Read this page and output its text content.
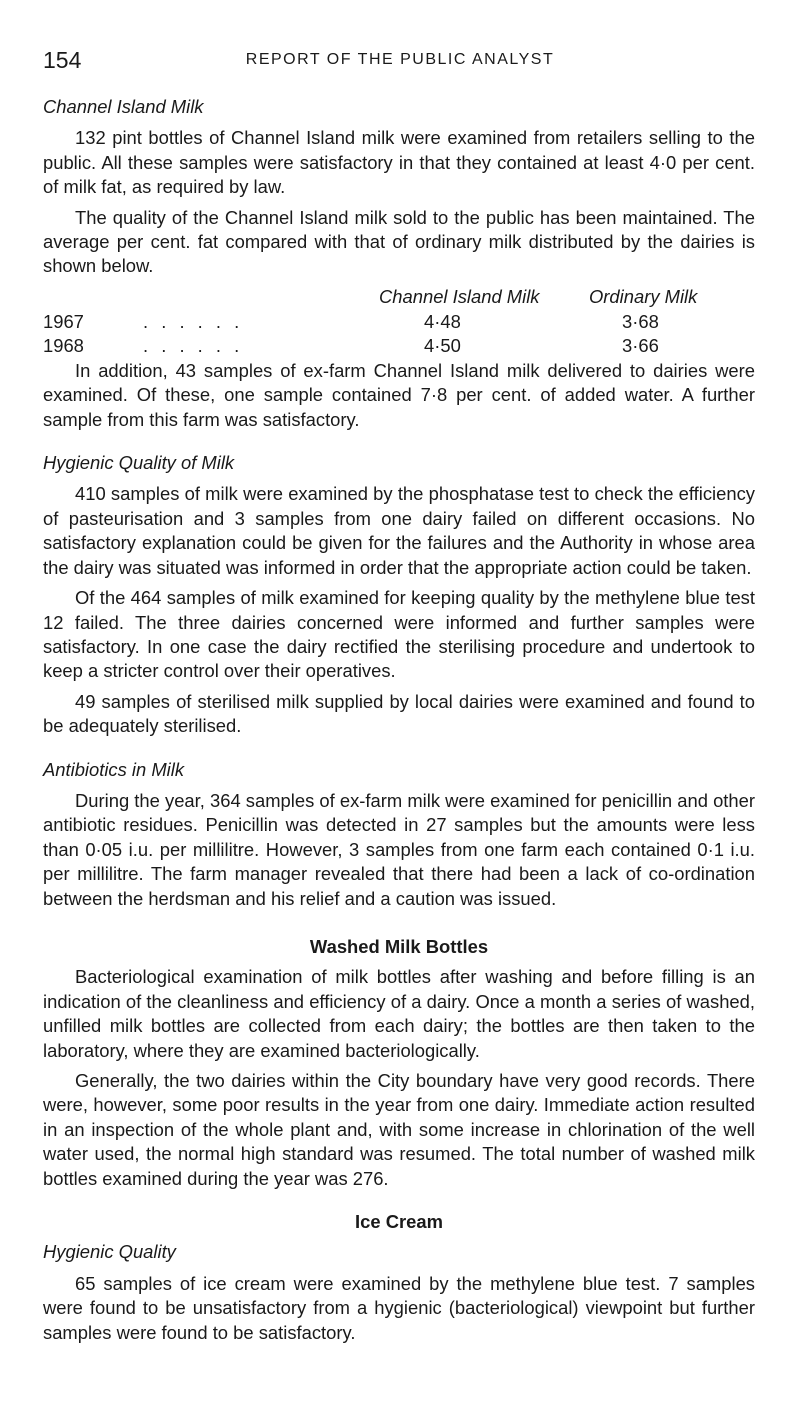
154	REPORT OF THE PUBLIC ANALYST
Channel Island Milk

132 pint bottles of Channel Island milk were examined from retailers selling to the public. All these samples were satisfactory in that they contained at least 4·0 per cent. of milk fat, as required by law.

The quality of the Channel Island milk sold to the public has been maintained. The average per cent. fat compared with that of ordinary milk distributed by the dairies is shown below.

Channel Island Milk	Ordinary Milk
1967	. . . . . .	4·48	3·68
1968	. . . . . .	4·50	3·66

In addition, 43 samples of ex-farm Channel Island milk delivered to dairies were examined. Of these, one sample contained 7·8 per cent. of added water. A further sample from this farm was satisfactory.

Hygienic Quality of Milk

410 samples of milk were examined by the phosphatase test to check the efficiency of pasteurisation and 3 samples from one dairy failed on different occasions. No satisfactory explanation could be given for the failures and the Authority in whose area the dairy was situated was informed in order that the appropriate action could be taken.

Of the 464 samples of milk examined for keeping quality by the methylene blue test 12 failed. The three dairies concerned were informed and further samples were satisfactory. In one case the dairy rectified the sterilising procedure and undertook to keep a stricter control over their operatives.

49 samples of sterilised milk supplied by local dairies were examined and found to be adequately sterilised.

Antibiotics in Milk

During the year, 364 samples of ex-farm milk were examined for penicillin and other antibiotic residues. Penicillin was detected in 27 samples but the amounts were less than 0·05 i.u. per millilitre. However, 3 samples from one farm each contained 0·1 i.u. per millilitre. The farm manager revealed that there had been a lack of co-ordination between the herdsman and his relief and a caution was issued.

Washed Milk Bottles

Bacteriological examination of milk bottles after washing and before filling is an indication of the cleanliness and efficiency of a dairy. Once a month a series of washed, unfilled milk bottles are collected from each dairy; the bottles are then taken to the laboratory, where they are examined bacteriologically.

Generally, the two dairies within the City boundary have very good records. There were, however, some poor results in the year from one dairy. Immediate action resulted in an inspection of the whole plant and, with some increase in chlorination of the well water used, the normal high standard was resumed. The total number of washed milk bottles examined during the year was 276.

Ice Cream
Hygienic Quality

65 samples of ice cream were examined by the methylene blue test. 7 samples were found to be unsatisfactory from a hygienic (bacteriological) viewpoint but further samples were found to be satisfactory.
